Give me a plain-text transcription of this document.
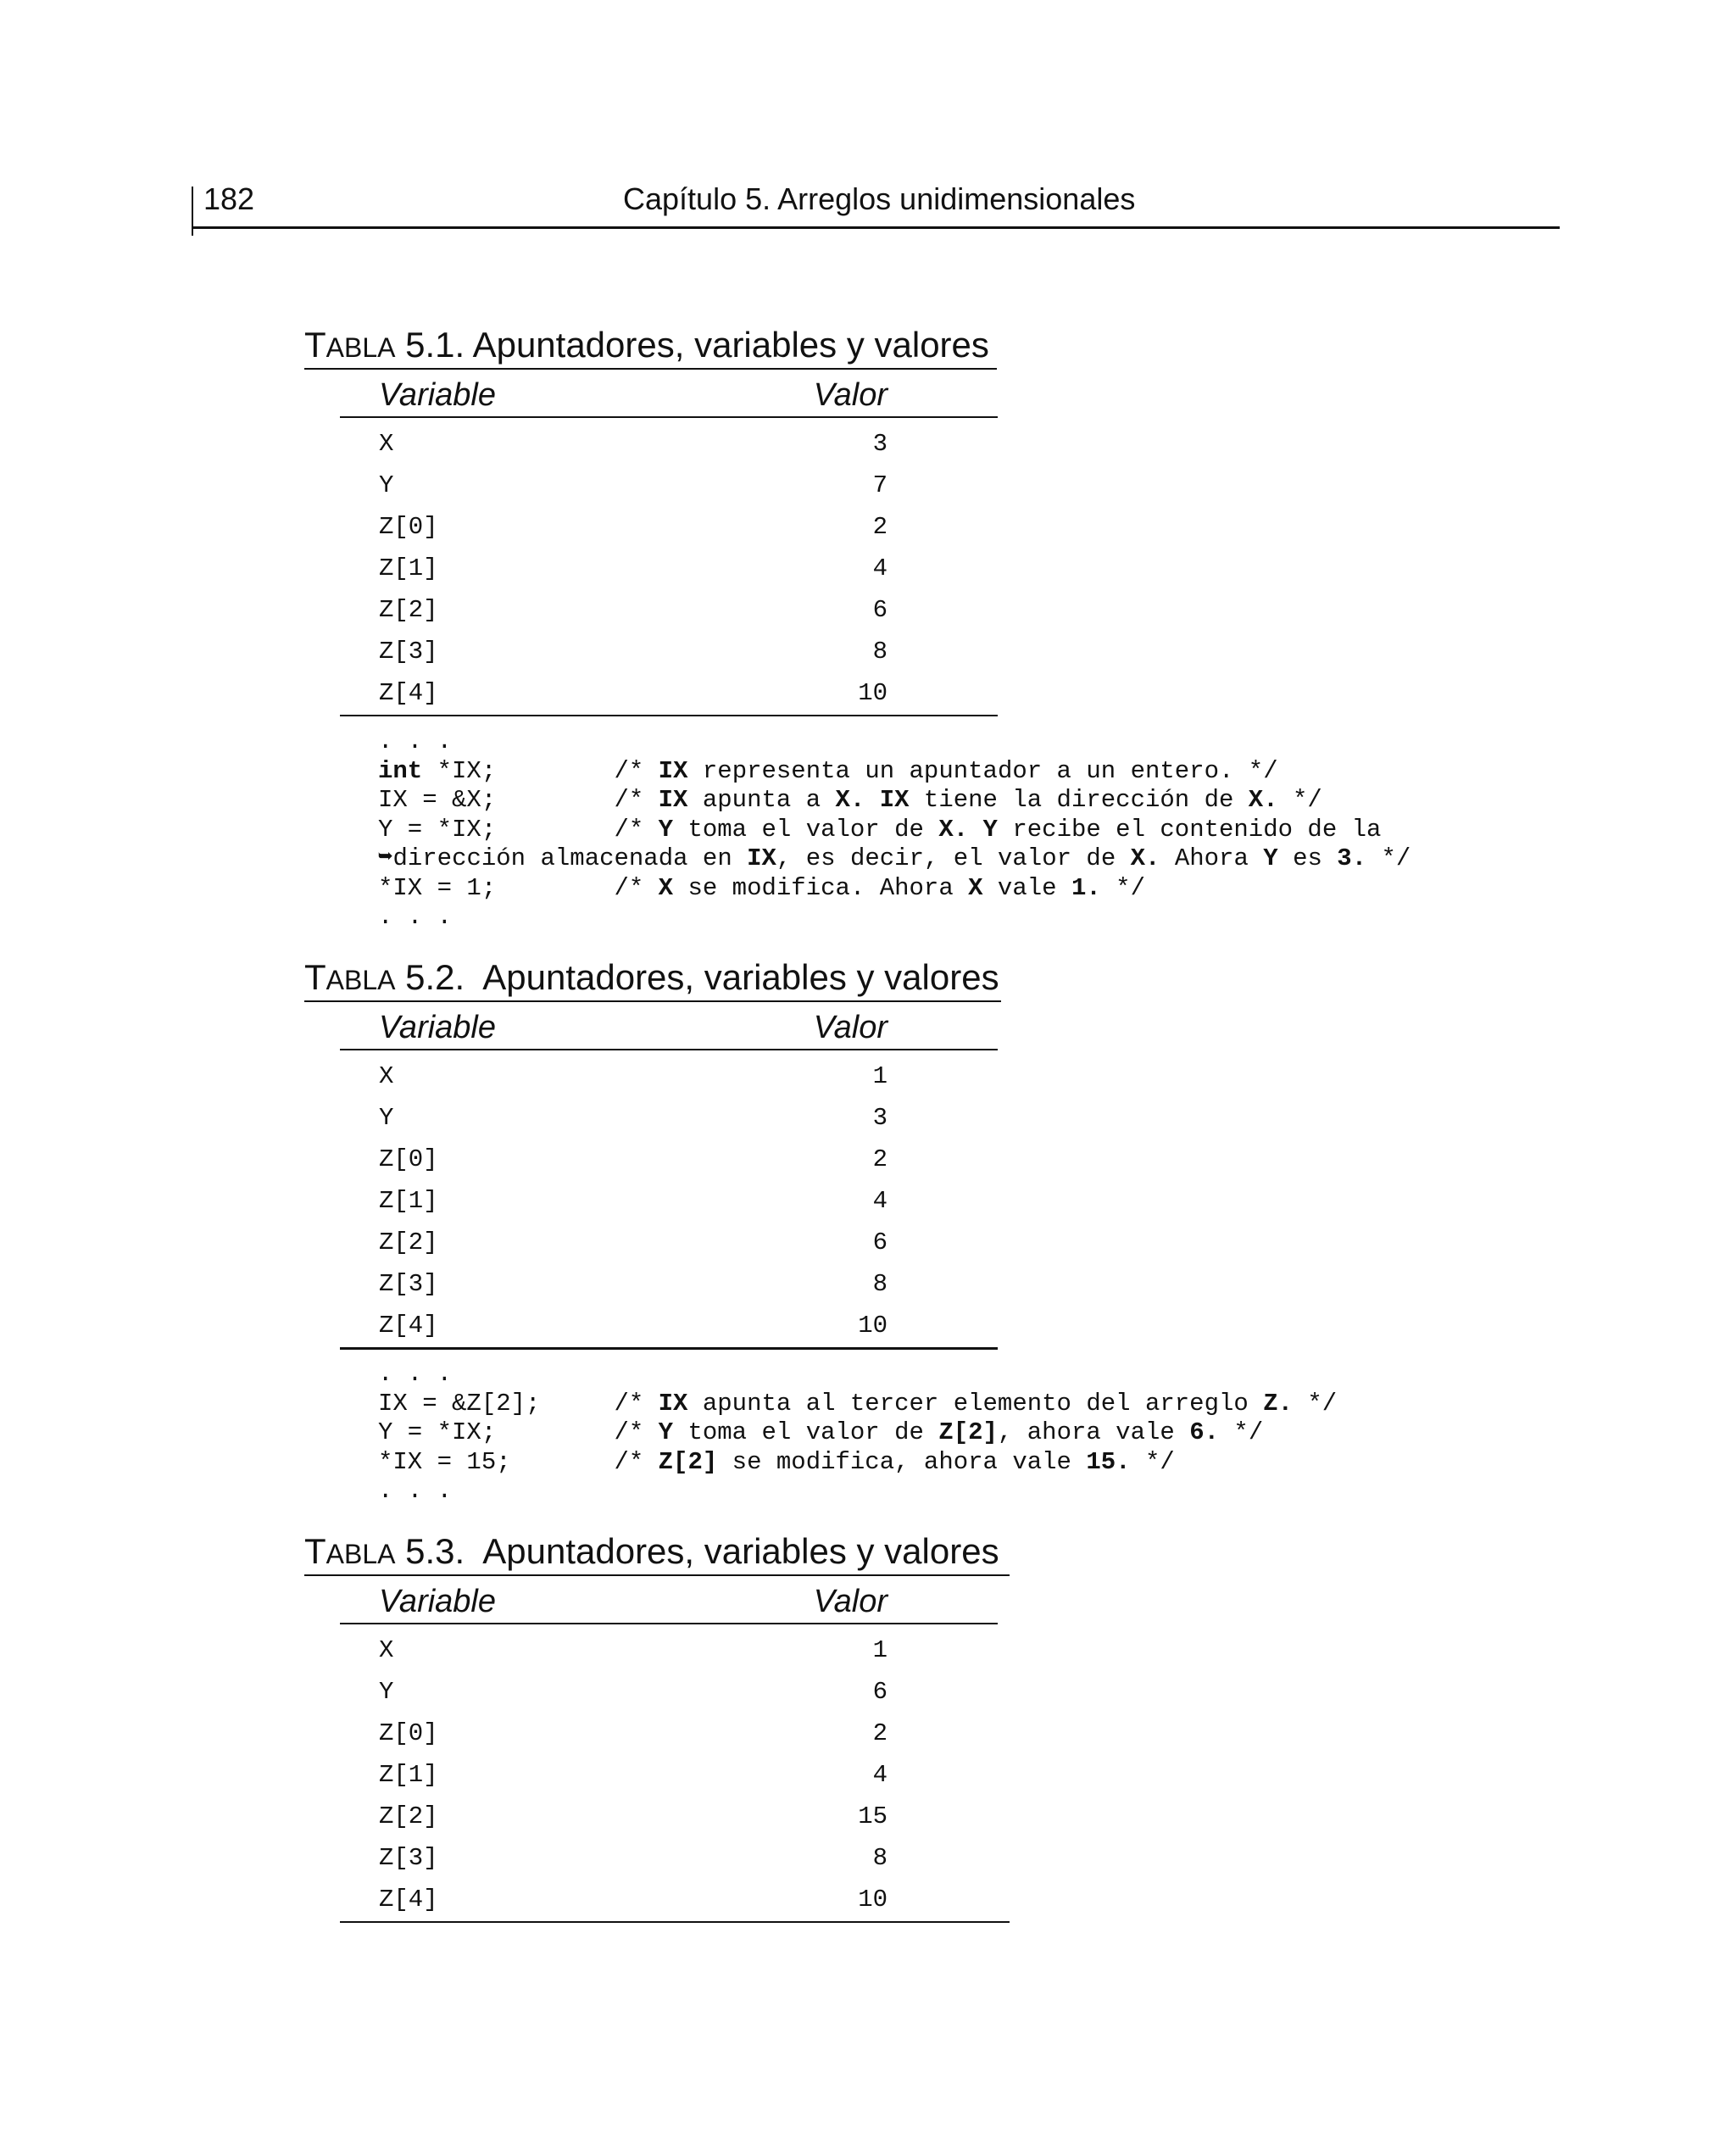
182	Capítulo 5. Arreglos unidimensionales
TABLA 5.1. Apuntadores, variables y valores
Variable	Valor
X	3
Y	7
Z[0]	2
Z[1]	4
Z[2]	6
Z[3]	8
Z[4]	10
. . .
int *IX;        /* IX representa un apuntador a un entero. */
IX = &X;        /* IX apunta a X. IX tiene la dirección de X. */
Y = *IX;        /* Y toma el valor de X. Y recibe el contenido de la
➥dirección almacenada en IX, es decir, el valor de X. Ahora Y es 3. */
*IX = 1;        /* X se modifica. Ahora X vale 1. */
. . .
TABLA 5.2.  Apuntadores, variables y valores
Variable	Valor
X	1
Y	3
Z[0]	2
Z[1]	4
Z[2]	6
Z[3]	8
Z[4]	10
. . .
IX = &Z[2];     /* IX apunta al tercer elemento del arreglo Z. */
Y = *IX;        /* Y toma el valor de Z[2], ahora vale 6. */
*IX = 15;       /* Z[2] se modifica, ahora vale 15. */
. . .
TABLA 5.3.  Apuntadores, variables y valores
Variable	Valor
X	1
Y	6
Z[0]	2
Z[1]	4
Z[2]	15
Z[3]	8
Z[4]	10
